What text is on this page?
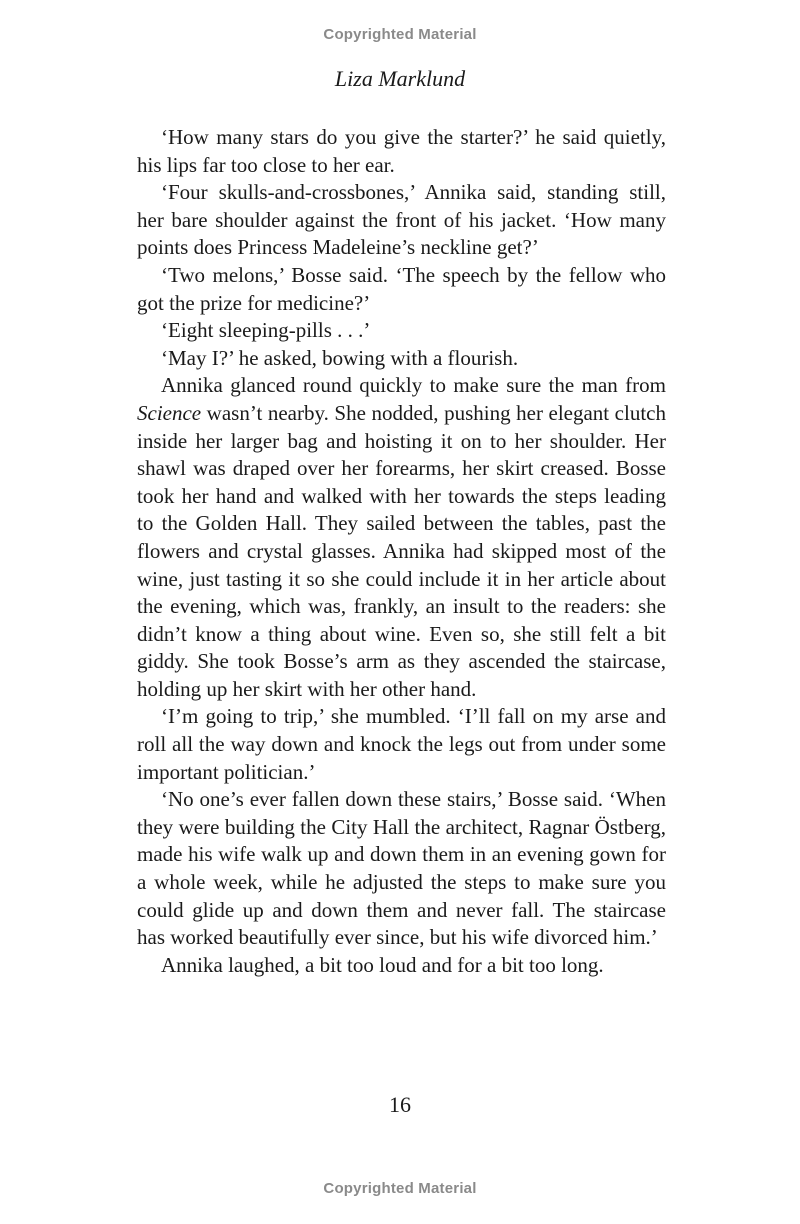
Copyrighted Material
Liza Marklund

‘How many stars do you give the starter?’ he said quietly, his lips far too close to her ear.

‘Four skulls-and-crossbones,’ Annika said, standing still, her bare shoulder against the front of his jacket. ‘How many points does Princess Madeleine’s neckline get?’

‘Two melons,’ Bosse said. ‘The speech by the fellow who got the prize for medicine?’

‘Eight sleeping-pills . . .’

‘May I?’ he asked, bowing with a flourish.

Annika glanced round quickly to make sure the man from Science wasn’t nearby. She nodded, pushing her elegant clutch inside her larger bag and hoisting it on to her shoulder. Her shawl was draped over her forearms, her skirt creased. Bosse took her hand and walked with her towards the steps leading to the Golden Hall. They sailed between the tables, past the flowers and crystal glasses. Annika had skipped most of the wine, just tasting it so she could include it in her article about the evening, which was, frankly, an insult to the readers: she didn’t know a thing about wine. Even so, she still felt a bit giddy. She took Bosse’s arm as they ascended the staircase, holding up her skirt with her other hand.

‘I’m going to trip,’ she mumbled. ‘I’ll fall on my arse and roll all the way down and knock the legs out from under some important politician.’

‘No one’s ever fallen down these stairs,’ Bosse said. ‘When they were building the City Hall the architect, Ragnar Östberg, made his wife walk up and down them in an evening gown for a whole week, while he adjusted the steps to make sure you could glide up and down them and never fall. The staircase has worked beautifully ever since, but his wife divorced him.’

Annika laughed, a bit too loud and for a bit too long.

16
Copyrighted Material
